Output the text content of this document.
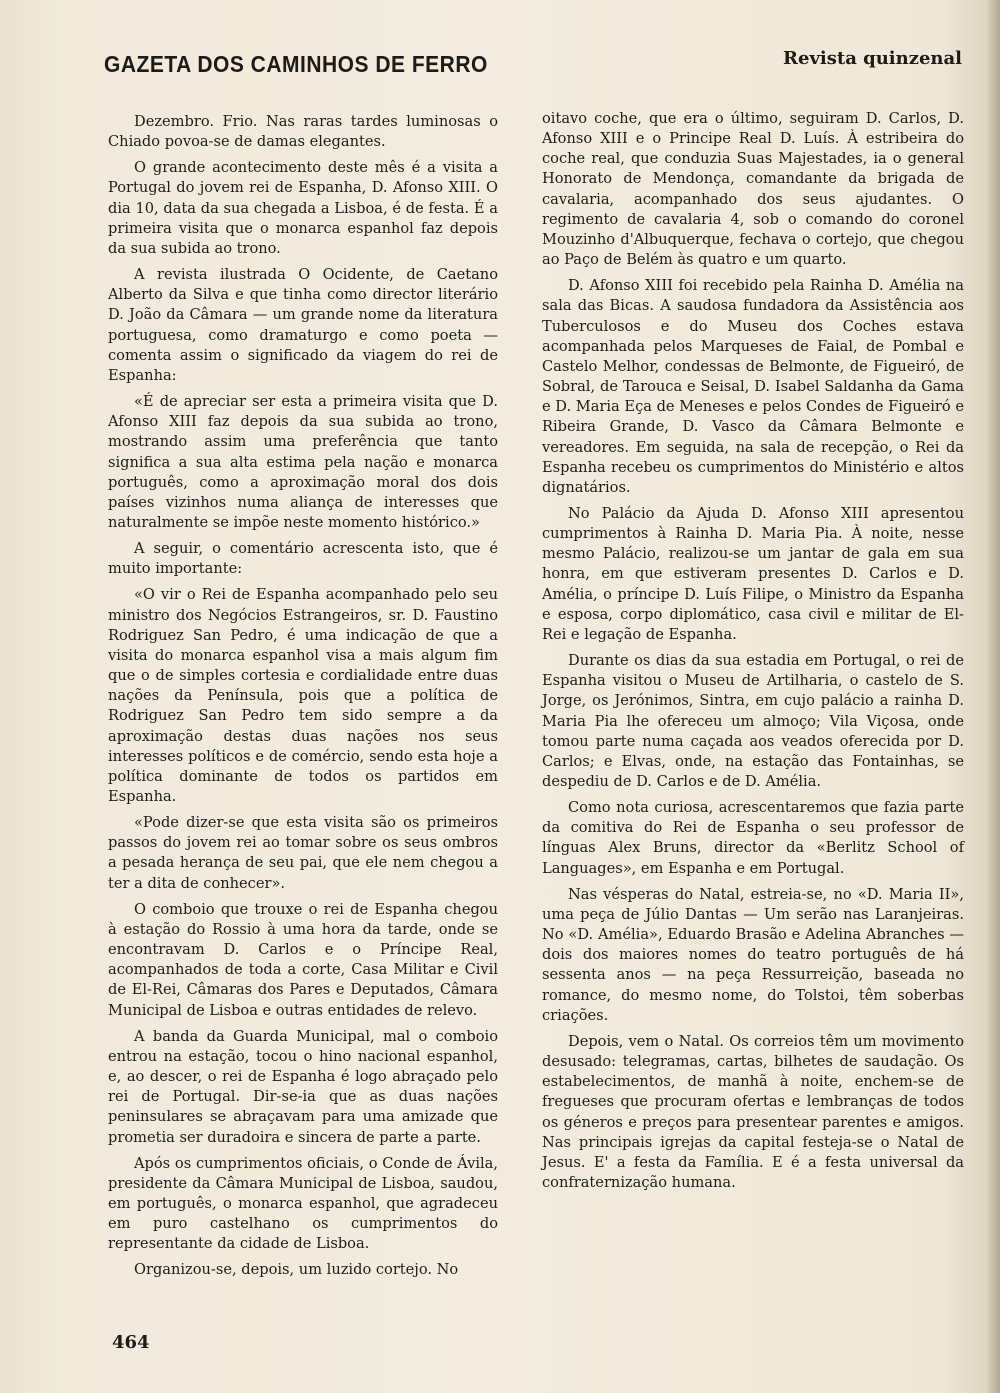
GAZETA DOS CAMINHOS DE FERRO	Revista quinzenal

Dezembro. Frio. Nas raras tardes luminosas o Chiado povoa-se de damas elegantes.

O grande acontecimento deste mês é a visita a Portugal do jovem rei de Espanha, D. Afonso XIII. O dia 10, data da sua chegada a Lisboa, é de festa. É a primeira visita que o monarca espanhol faz depois da sua subida ao trono.

A revista ilustrada O Ocidente, de Caetano Alberto da Silva e que tinha como director literário D. João da Câmara — um grande nome da literatura portuguesa, como dramaturgo e como poeta — comenta assim o significado da viagem do rei de Espanha:

«É de apreciar ser esta a primeira visita que D. Afonso XIII faz depois da sua subida ao trono, mostrando assim uma preferência que tanto significa a sua alta estima pela nação e monarca português, como a aproximação moral dos dois países vizinhos numa aliança de interesses que naturalmente se impõe neste momento histórico.»

A seguir, o comentário acrescenta isto, que é muito importante:

«O vir o Rei de Espanha acompanhado pelo seu ministro dos Negócios Estrangeiros, sr. D. Faustino Rodriguez San Pedro, é uma indicação de que a visita do monarca espanhol visa a mais algum fim que o de simples cortesia e cordialidade entre duas nações da Península, pois que a política de Rodriguez San Pedro tem sido sempre a da aproximação destas duas nações nos seus interesses políticos e de comércio, sendo esta hoje a política dominante de todos os partidos em Espanha.

«Pode dizer-se que esta visita são os primeiros passos do jovem rei ao tomar sobre os seus ombros a pesada herança de seu pai, que ele nem chegou a ter a dita de conhecer».

O comboio que trouxe o rei de Espanha chegou à estação do Rossio à uma hora da tarde, onde se encontravam D. Carlos e o Príncipe Real, acompanhados de toda a corte, Casa Militar e Civil de El-Rei, Câmaras dos Pares e Deputados, Câmara Municipal de Lisboa e outras entidades de relevo.

A banda da Guarda Municipal, mal o comboio entrou na estação, tocou o hino nacional espanhol, e, ao descer, o rei de Espanha é logo abraçado pelo rei de Portugal. Dir-se-ia que as duas nações peninsulares se abraçavam para uma amizade que prometia ser duradoira e sincera de parte a parte.

Após os cumprimentos oficiais, o Conde de Ávila, presidente da Câmara Municipal de Lisboa, saudou, em português, o monarca espanhol, que agradeceu em puro castelhano os cumprimentos do representante da cidade de Lisboa.

Organizou-se, depois, um luzido cortejo. No

oitavo coche, que era o último, seguiram D. Carlos, D. Afonso XIII e o Principe Real D. Luís. À estribeira do coche real, que conduzia Suas Majestades, ia o general Honorato de Mendonça, comandante da brigada de cavalaria, acompanhado dos seus ajudantes. O regimento de cavalaria 4, sob o comando do coronel Mouzinho d'Albuquerque, fechava o cortejo, que chegou ao Paço de Belém às quatro e um quarto.

D. Afonso XIII foi recebido pela Rainha D. Amélia na sala das Bicas. A saudosa fundadora da Assistência aos Tuberculosos e do Museu dos Coches estava acompanhada pelos Marqueses de Faial, de Pombal e Castelo Melhor, condessas de Belmonte, de Figueiró, de Sobral, de Tarouca e Seisal, D. Isabel Saldanha da Gama e D. Maria Eça de Meneses e pelos Condes de Figueiró e Ribeira Grande, D. Vasco da Câmara Belmonte e vereadores. Em seguida, na sala de recepção, o Rei da Espanha recebeu os cumprimentos do Ministério e altos dignatários.

No Palácio da Ajuda D. Afonso XIII apresentou cumprimentos à Rainha D. Maria Pia. À noite, nesse mesmo Palácio, realizou-se um jantar de gala em sua honra, em que estiveram presentes D. Carlos e D. Amélia, o príncipe D. Luís Filipe, o Ministro da Espanha e esposa, corpo diplomático, casa civil e militar de El-Rei e legação de Espanha.

Durante os dias da sua estadia em Portugal, o rei de Espanha visitou o Museu de Artilharia, o castelo de S. Jorge, os Jerónimos, Sintra, em cujo palácio a rainha D. Maria Pia lhe ofereceu um almoço; Vila Viçosa, onde tomou parte numa caçada aos veados oferecida por D. Carlos; e Elvas, onde, na estação das Fontainhas, se despediu de D. Carlos e de D. Amélia.

Como nota curiosa, acrescentaremos que fazia parte da comitiva do Rei de Espanha o seu professor de línguas Alex Bruns, director da «Berlitz School of Languages», em Espanha e em Portugal.

Nas vésperas do Natal, estreia-se, no «D. Maria II», uma peça de Júlio Dantas — Um serão nas Laranjeiras. No «D. Amélia», Eduardo Brasão e Adelina Abranches — dois dos maiores nomes do teatro português de há sessenta anos — na peça Ressurreição, baseada no romance, do mesmo nome, do Tolstoi, têm soberbas criações.

Depois, vem o Natal. Os correios têm um movimento desusado: telegramas, cartas, bilhetes de saudação. Os estabelecimentos, de manhã à noite, enchem-se de fregueses que procuram ofertas e lembranças de todos os géneros e preços para presentear parentes e amigos. Nas principais igrejas da capital festeja-se o Natal de Jesus. E' a festa da Família. E é a festa universal da confraternização humana.

464
